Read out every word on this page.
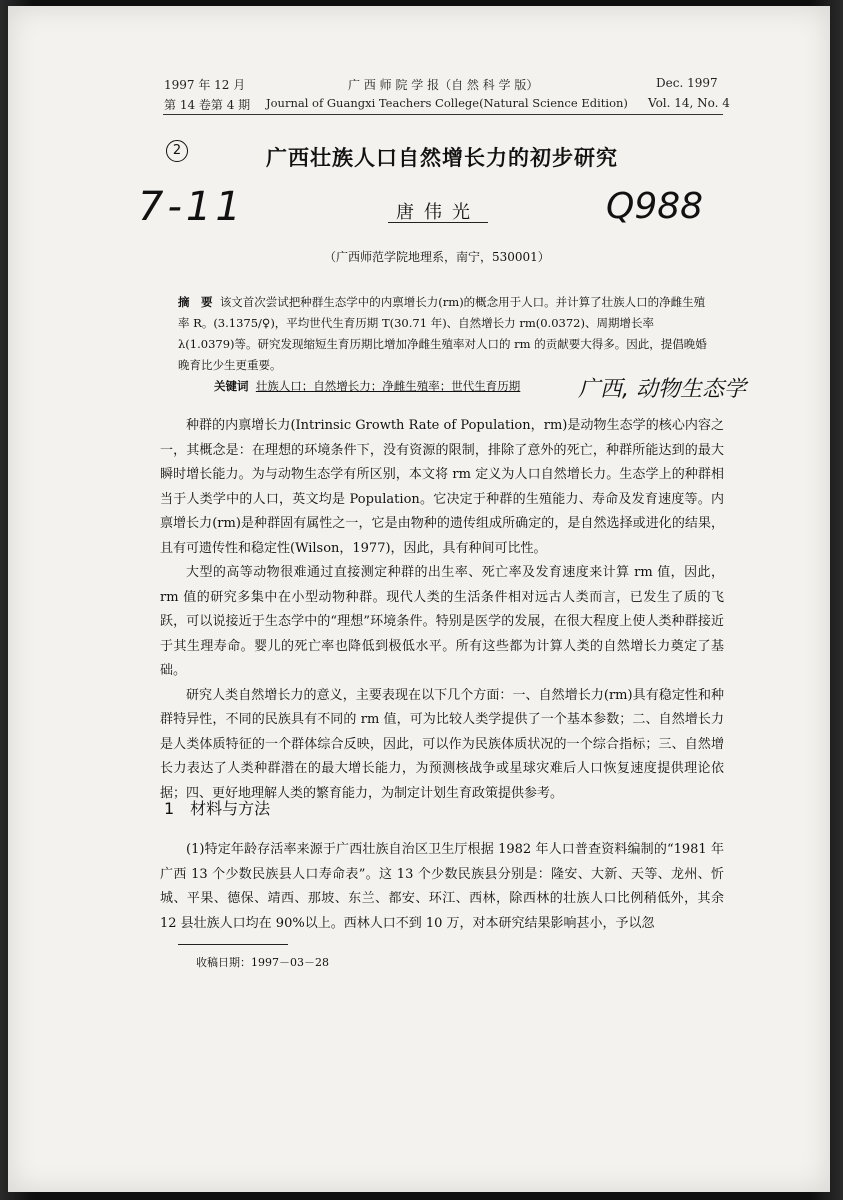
1997 年 12 月
第 14 卷第 4 期
广 西 师 院 学 报（自 然 科 学 版）
Journal of Guangxi Teachers College(Natural Science Edition)
Dec. 1997
Vol. 14, No. 4
2
7-11	Q988
广西, 动物生态学
广西壮族人口自然增长力的初步研究
唐伟光
（广西师范学院地理系，南宁，530001）
摘　要 该文首次尝试把种群生态学中的内禀增长力(rm)的概念用于人口。并计算了壮族人口的净雌生殖率 R。(3.1375/♀)，平均世代生育历期 T(30.71 年)、自然增长力 rm(0.0372)、周期增长率 λ(1.0379)等。研究发现缩短生育历期比增加净雌生殖率对人口的 rm 的贡献要大得多。因此，提倡晚婚晚育比少生更重要。
关键词 壮族人口；自然增长力；净雌生殖率；世代生育历期

种群的内禀增长力(Intrinsic Growth Rate of Population，rm)是动物生态学的核心内容之一，其概念是：在理想的环境条件下，没有资源的限制，排除了意外的死亡，种群所能达到的最大瞬时增长能力。为与动物生态学有所区别，本文将 rm 定义为人口自然增长力。生态学上的种群相当于人类学中的人口，英文均是 Population。它决定于种群的生殖能力、寿命及发育速度等。内禀增长力(rm)是种群固有属性之一，它是由物种的遗传组成所确定的，是自然选择或进化的结果，且有可遗传性和稳定性(Wilson，1977)，因此，具有种间可比性。

大型的高等动物很难通过直接测定种群的出生率、死亡率及发育速度来计算 rm 值，因此，rm 值的研究多集中在小型动物种群。现代人类的生活条件相对远古人类而言，已发生了质的飞跃，可以说接近于生态学中的“理想”环境条件。特别是医学的发展，在很大程度上使人类种群接近于其生理寿命。婴儿的死亡率也降低到极低水平。所有这些都为计算人类的自然增长力奠定了基础。

研究人类自然增长力的意义，主要表现在以下几个方面：一、自然增长力(rm)具有稳定性和种群特异性，不同的民族具有不同的 rm 值，可为比较人类学提供了一个基本参数；二、自然增长力是人类体质特征的一个群体综合反映，因此，可以作为民族体质状况的一个综合指标；三、自然增长力表达了人类种群潜在的最大增长能力，为预测核战争或星球灾难后人口恢复速度提供理论依据；四、更好地理解人类的繁育能力，为制定计划生育政策提供参考。

1　材料与方法

(1)特定年龄存活率来源于广西壮族自治区卫生厅根据 1982 年人口普查资料编制的“1981 年广西 13 个少数民族县人口寿命表”。这 13 个少数民族县分别是：隆安、大新、天等、龙州、忻城、平果、德保、靖西、那坡、东兰、都安、环江、西林，除西林的壮族人口比例稍低外，其余 12 县壮族人口均在 90%以上。西林人口不到 10 万，对本研究结果影响甚小，予以忽

收稿日期：1997－03－28
